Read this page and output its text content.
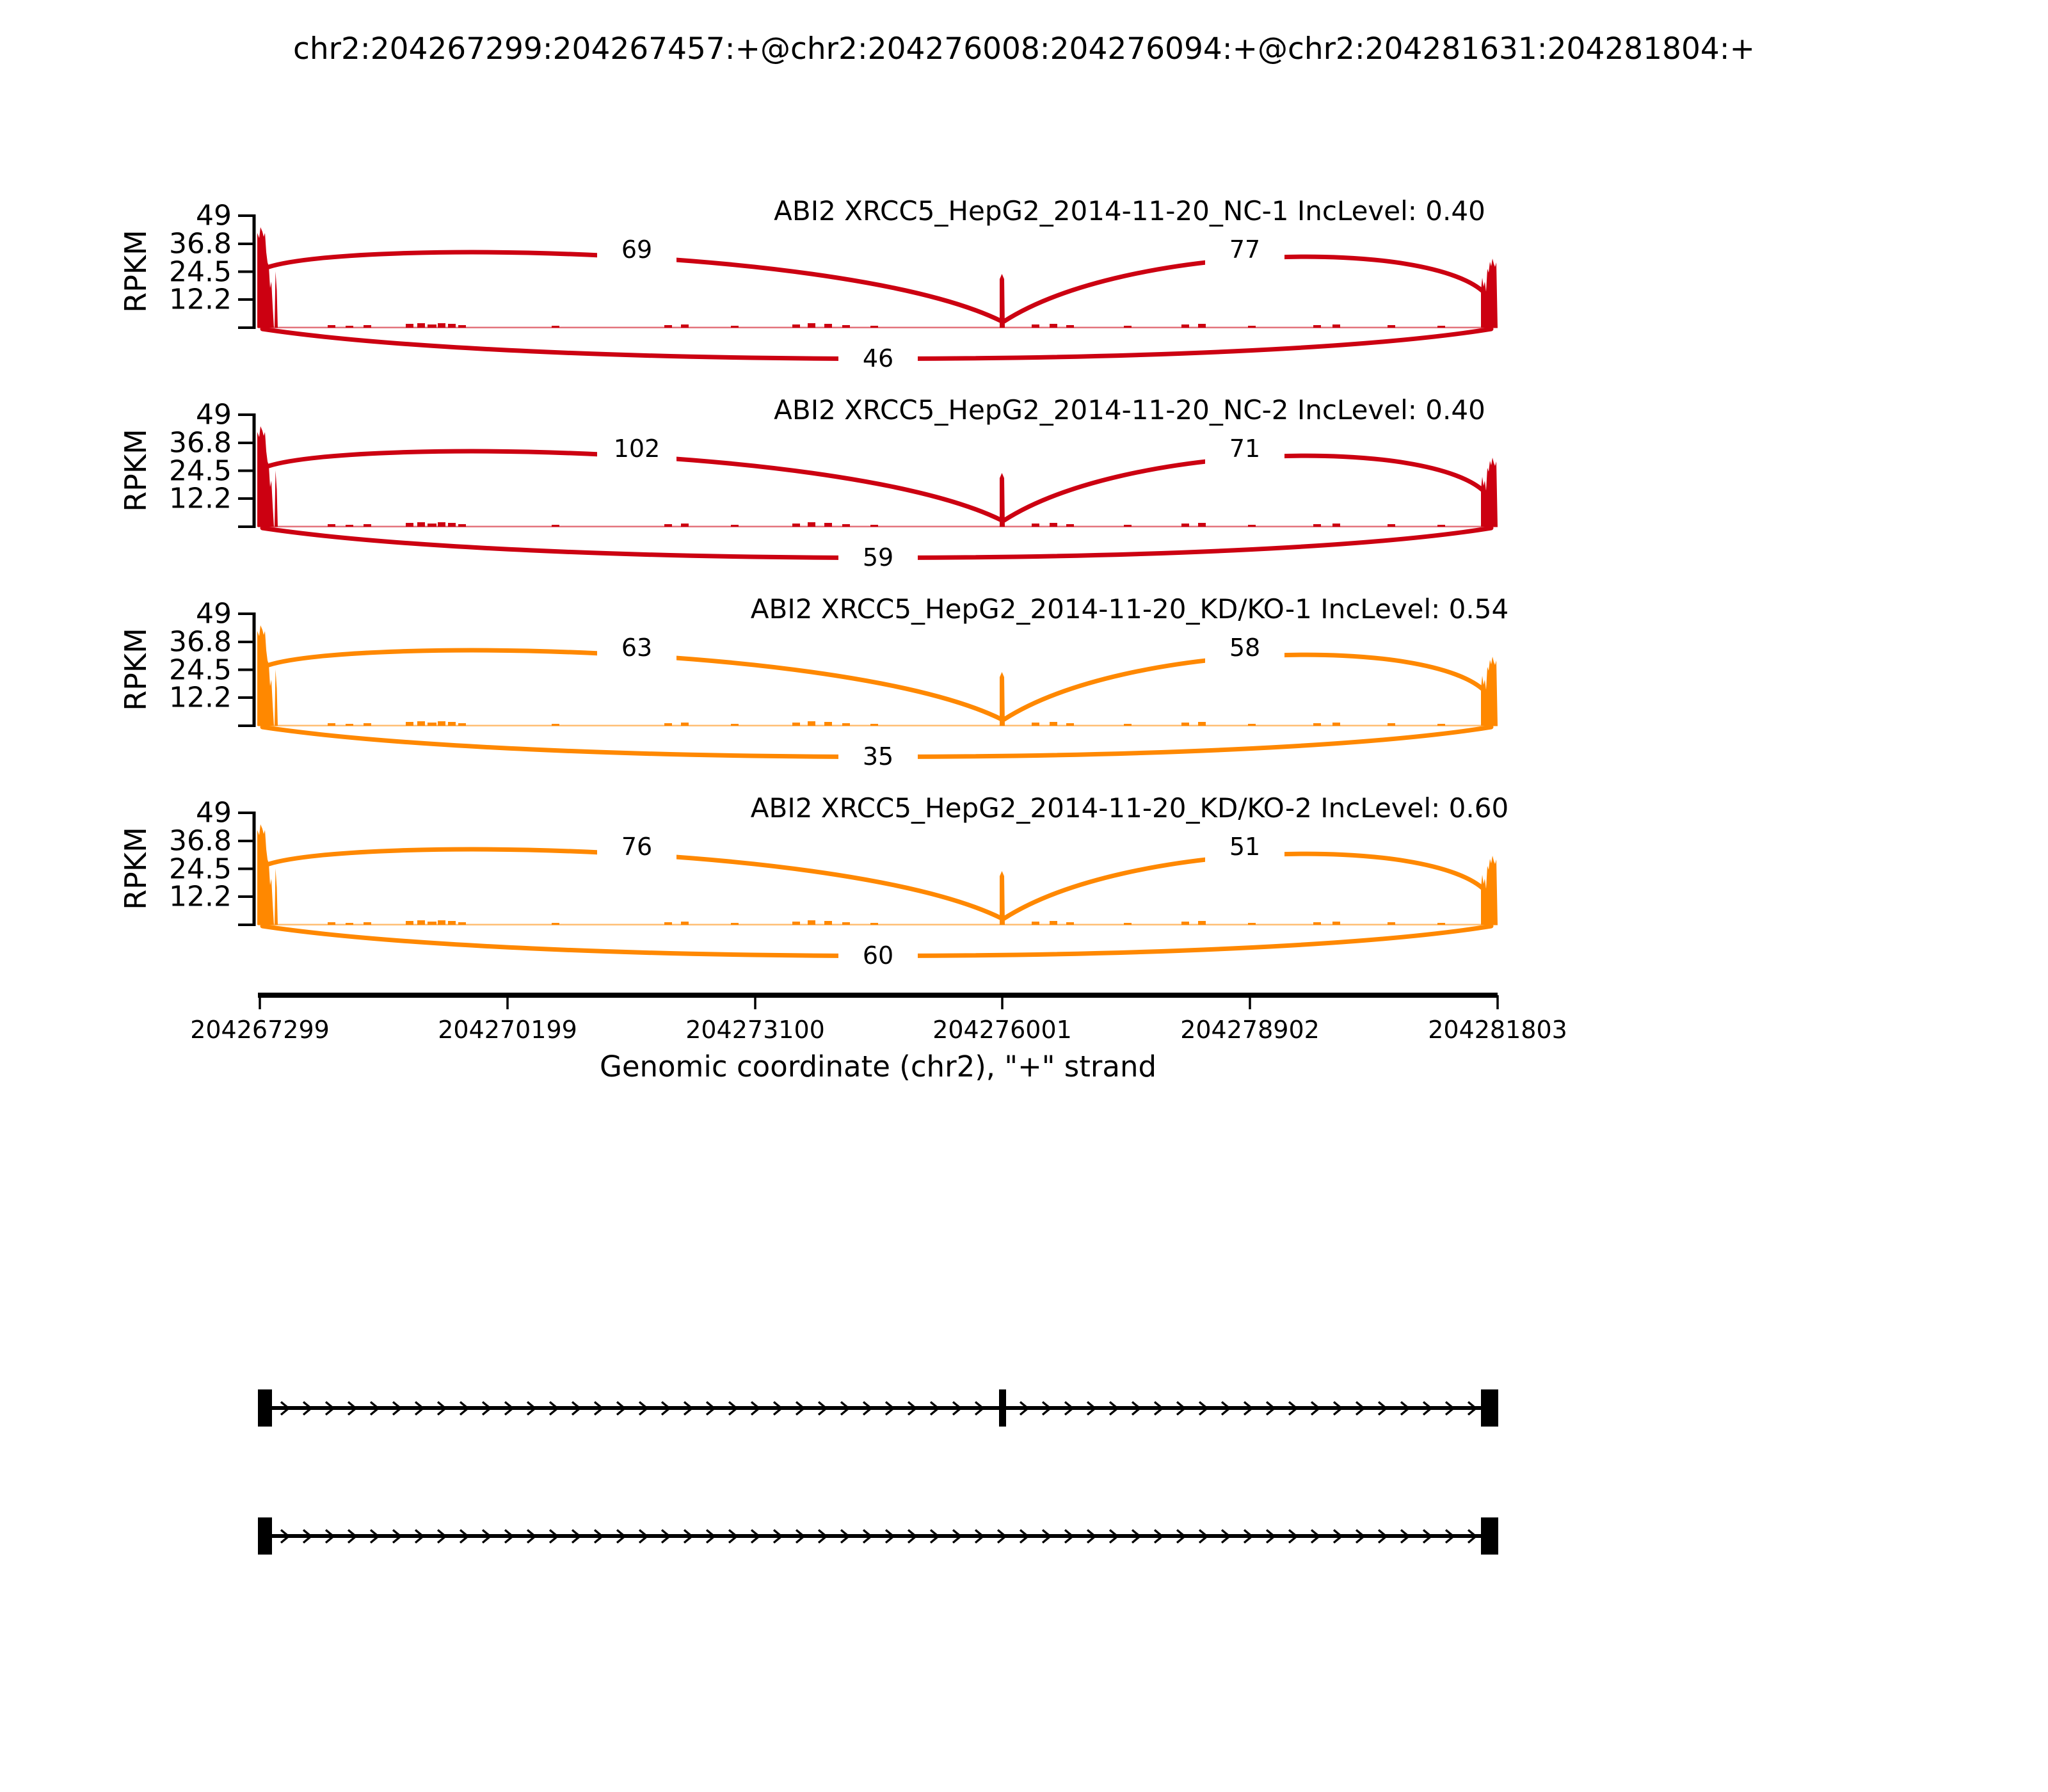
chr2:204267299:204267457:+@chr2:204276008:204276094:+@chr2:204281631:204281804:+
49
36.8
24.5
12.2
RPKM
ABI2 XRCC5_HepG2_2014-11-20_NC-1 IncLevel: 0.40
69	77
46
49
36.8
24.5
12.2
RPKM
ABI2 XRCC5_HepG2_2014-11-20_NC-2 IncLevel: 0.40
102	71
59
49
36.8
24.5
12.2
RPKM
ABI2 XRCC5_HepG2_2014-11-20_KD/KO-1 IncLevel: 0.54
63	58
35
49
36.8
24.5
12.2
RPKM
ABI2 XRCC5_HepG2_2014-11-20_KD/KO-2 IncLevel: 0.60
76	51
60
204267299	204270199	204273100	204276001	204278902	204281803
Genomic coordinate (chr2), "+" strand
